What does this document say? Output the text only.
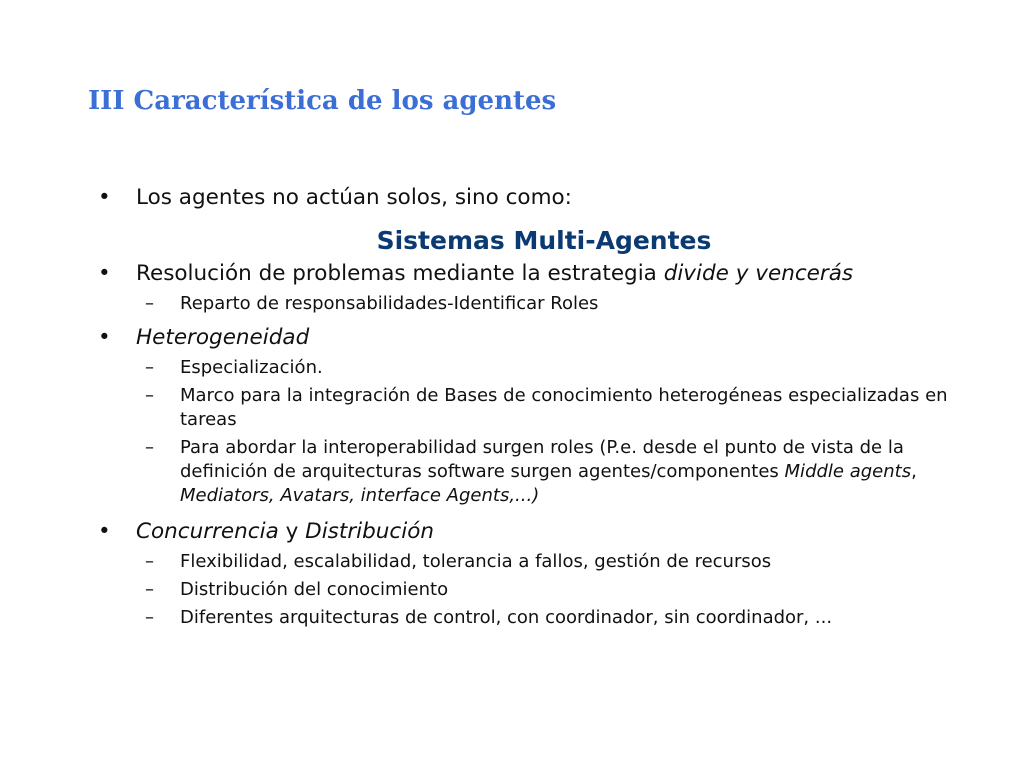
III Característica de los agentes
•	Los agentes no actúan solos, sino como:
Sistemas Multi-Agentes
•	Resolución de problemas mediante la estrategia divide y vencerás
– Reparto de responsabilidades-Identificar Roles
•	Heterogeneidad
– Especialización.
– Marco para la integración de Bases de conocimiento heterogéneas especializadas en tareas
– Para abordar la interoperabilidad surgen roles (P.e. desde el punto de vista de la definición de arquitecturas software surgen agentes/componentes Middle agents, Mediators, Avatars, interface Agents,...)
•	Concurrencia y Distribución
– Flexibilidad, escalabilidad, tolerancia a fallos, gestión de recursos
– Distribución del conocimiento
– Diferentes arquitecturas de control, con coordinador, sin coordinador, ...
